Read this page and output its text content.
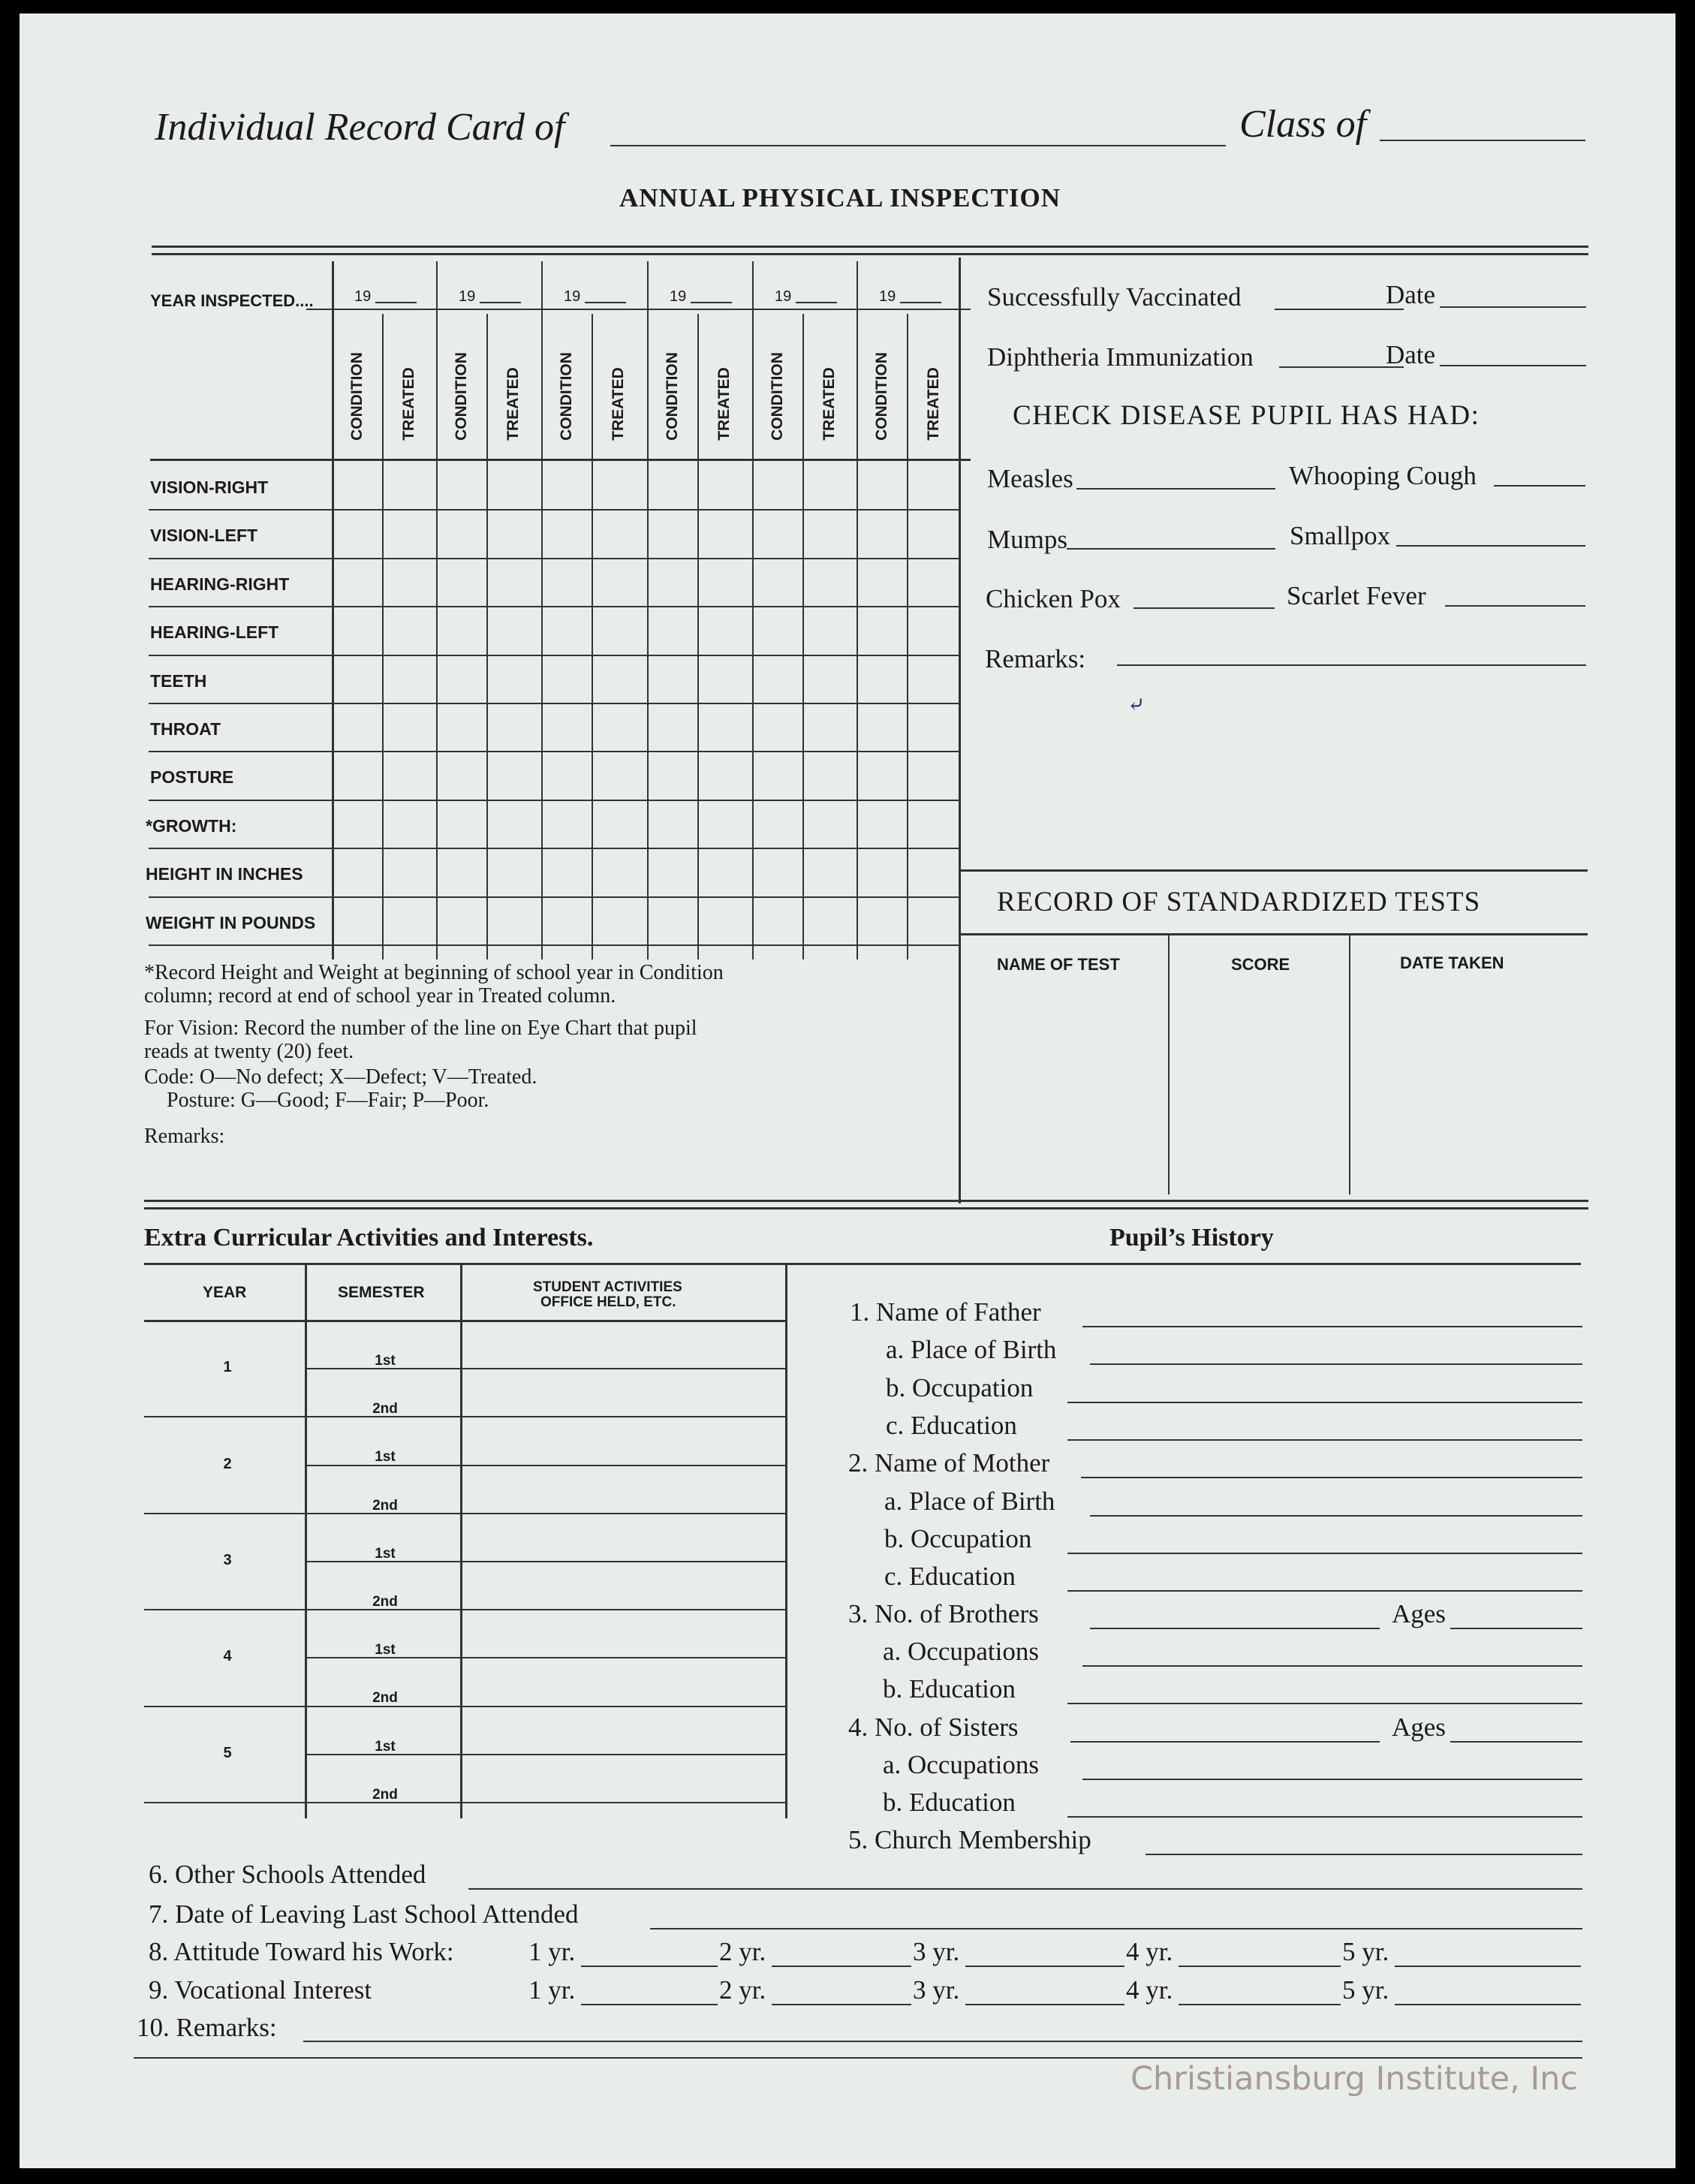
Individual Record Card of	Class of
ANNUAL PHYSICAL INSPECTION
YEAR INSPECTED....
*Record Height and Weight at beginning of school year in Condition
column; record at end of school year in Treated column.
For Vision: Record the number of the line on Eye Chart that pupil
reads at twenty (20) feet.
Code: O—No defect; X—Defect; V—Treated.
Posture: G—Good; F—Fair; P—Poor.
Remarks:
Successfully Vaccinated	Date
Diphtheria Immunization	Date
CHECK DISEASE PUPIL HAS HAD:
Measles	Whooping Cough
Mumps	Smallpox
Chicken Pox	Scarlet Fever
Remarks:
⤶
RECORD OF STANDARDIZED TESTS
NAME OF TEST	SCORE	DATE TAKEN
Extra Curricular Activities and Interests.	Pupil’s History
Christiansburg Institute, Inc
19	19	19	19	19	19
CONDITION TREATED CONDITION TREATED CONDITION TREATED CONDITION TREATED CONDITION TREATED CONDITION TREATED
VISION-RIGHT
VISION-LEFT
HEARING-RIGHT
HEARING-LEFT
TEETH
THROAT
POSTURE
*GROWTH:
HEIGHT IN INCHES
WEIGHT IN POUNDS
YEAR	SEMESTER	STUDENT ACTIVITIES
OFFICE HELD, ETC.
1	1st
2nd
2	1st
2nd
3	1st
2nd
4	1st
2nd
5	1st
2nd
1. Name of Father
a. Place of Birth
b. Occupation
c. Education
2. Name of Mother
a. Place of Birth
b. Occupation
c. Education
3. No. of Brothers	Ages
a. Occupations
b. Education
4. No. of Sisters	Ages
a. Occupations
b. Education
5. Church Membership
6. Other Schools Attended
7. Date of Leaving Last School Attended
8. Attitude Toward his Work:	1 yr.	2 yr.	3 yr.	4 yr.	5 yr.
9. Vocational Interest	1 yr.	2 yr.	3 yr.	4 yr.	5 yr.
10. Remarks:
